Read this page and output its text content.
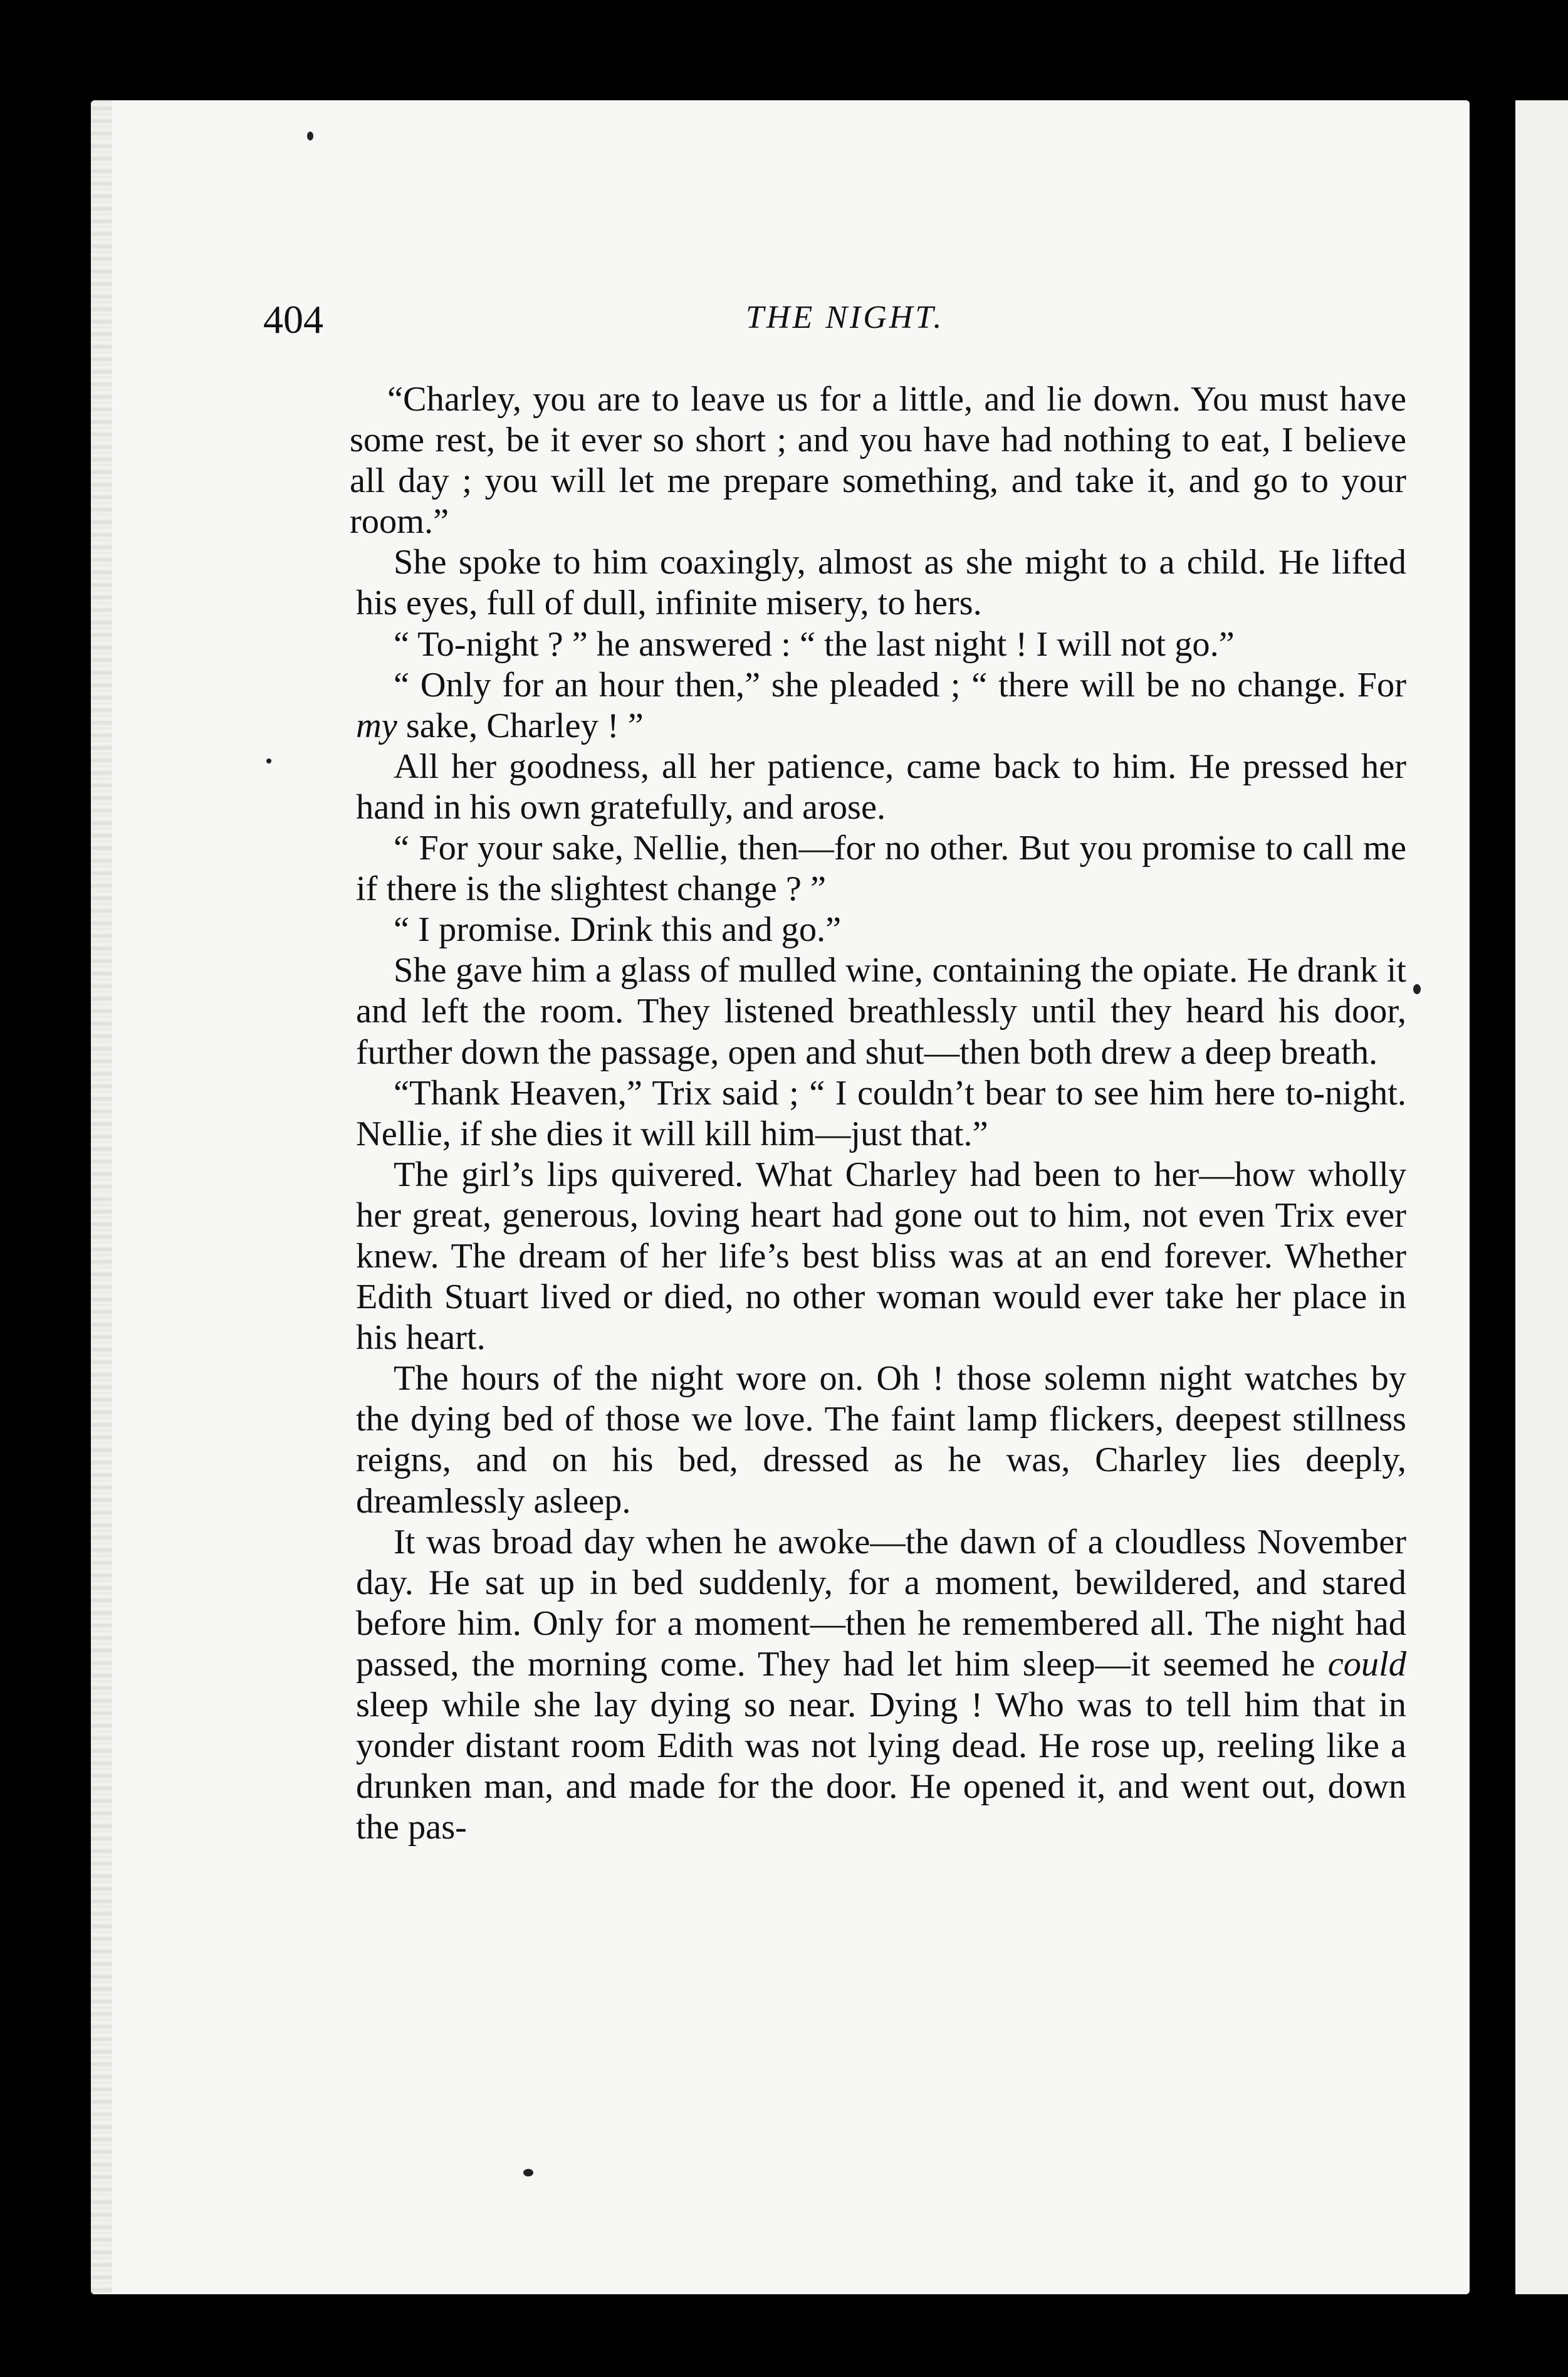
404	THE NIGHT.

“Charley, you are to leave us for a little, and lie down. You must have some rest, be it ever so short ; and you have had nothing to eat, I believe all day ; you will let me prepare something, and take it, and go to your room.”

She spoke to him coaxingly, almost as she might to a child. He lifted his eyes, full of dull, infinite misery, to hers.

“ To-night ? ” he answered : “ the last night ! I will not go.”

“ Only for an hour then,” she pleaded ; “ there will be no change. For my sake, Charley ! ”

All her goodness, all her patience, came back to him. He pressed her hand in his own gratefully, and arose.

“ For your sake, Nellie, then—for no other. But you promise to call me if there is the slightest change ? ”

“ I promise. Drink this and go.”

She gave him a glass of mulled wine, containing the opiate. He drank it and left the room. They listened breathlessly until they heard his door, further down the passage, open and shut—then both drew a deep breath.

“Thank Heaven,” Trix said ; “ I couldn’t bear to see him here to-night. Nellie, if she dies it will kill him—just that.”

The girl’s lips quivered. What Charley had been to her—how wholly her great, generous, loving heart had gone out to him, not even Trix ever knew. The dream of her life’s best bliss was at an end forever. Whether Edith Stuart lived or died, no other woman would ever take her place in his heart.

The hours of the night wore on. Oh ! those solemn night watches by the dying bed of those we love. The faint lamp flickers, deepest stillness reigns, and on his bed, dressed as he was, Charley lies deeply, dreamlessly asleep.

It was broad day when he awoke—the dawn of a cloudless November day. He sat up in bed suddenly, for a moment, bewildered, and stared before him. Only for a moment—then he remembered all. The night had passed, the morning come. They had let him sleep—it seemed he could sleep while she lay dying so near. Dying ! Who was to tell him that in yonder distant room Edith was not lying dead. He rose up, reeling like a drunken man, and made for the door. He opened it, and went out, down the pas-
